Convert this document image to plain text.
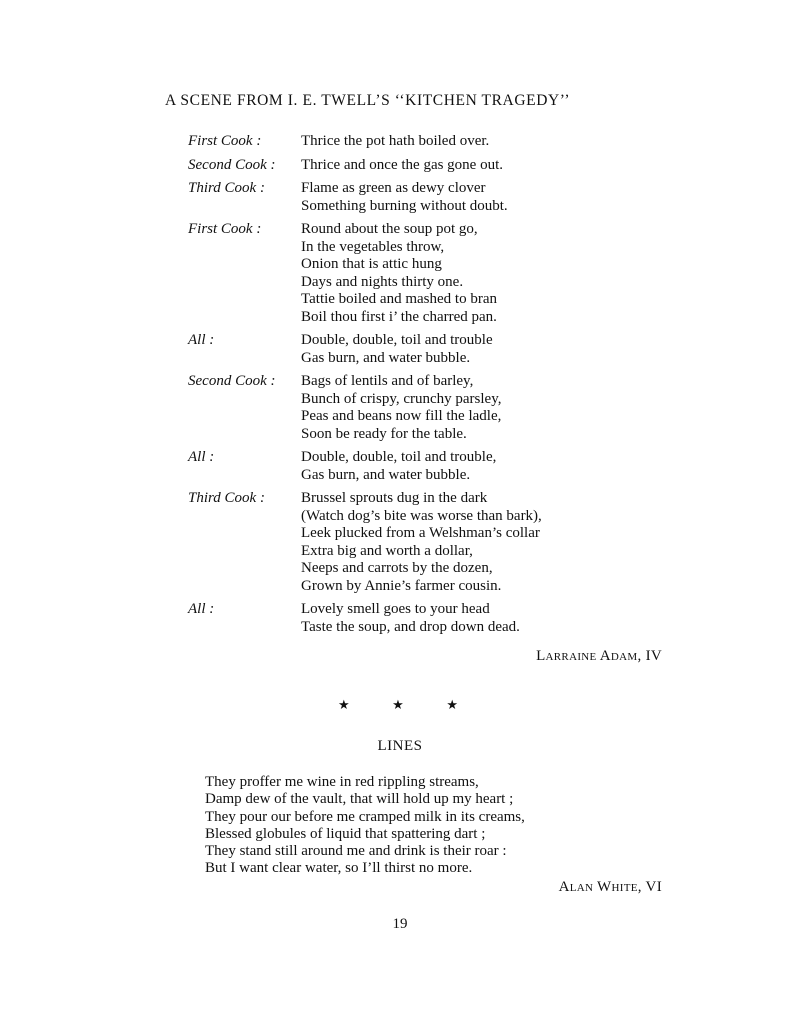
A SCENE FROM I. E. TWELL’S ‘‘KITCHEN TRAGEDY’’
First Cook :	Thrice the pot hath boiled over.
Second Cook :	Thrice and once the gas gone out.
Third Cook :	Flame as green as dewy clover
Something burning without doubt.
First Cook :	Round about the soup pot go,
In the vegetables throw,
Onion that is attic hung
Days and nights thirty one.
Tattie boiled and mashed to bran
Boil thou first i’ the charred pan.
All :	Double, double, toil and trouble
Gas burn, and water bubble.
Second Cook :	Bags of lentils and of barley,
Bunch of crispy, crunchy parsley,
Peas and beans now fill the ladle,
Soon be ready for the table.
All :	Double, double, toil and trouble,
Gas burn, and water bubble.
Third Cook :	Brussel sprouts dug in the dark
(Watch dog’s bite was worse than bark),
Leek plucked from a Welshman’s collar
Extra big and worth a dollar,
Neeps and carrots by the dozen,
Grown by Annie’s farmer cousin.
All :	Lovely smell goes to your head
Taste the soup, and drop down dead.
Larraine Adam, IV
★	★	★
LINES
They proffer me wine in red rippling streams,
Damp dew of the vault, that will hold up my heart ;
They pour our before me cramped milk in its creams,
Blessed globules of liquid that spattering dart ;
They stand still around me and drink is their roar :
But I want clear water, so I’ll thirst no more.
Alan White, VI
19
